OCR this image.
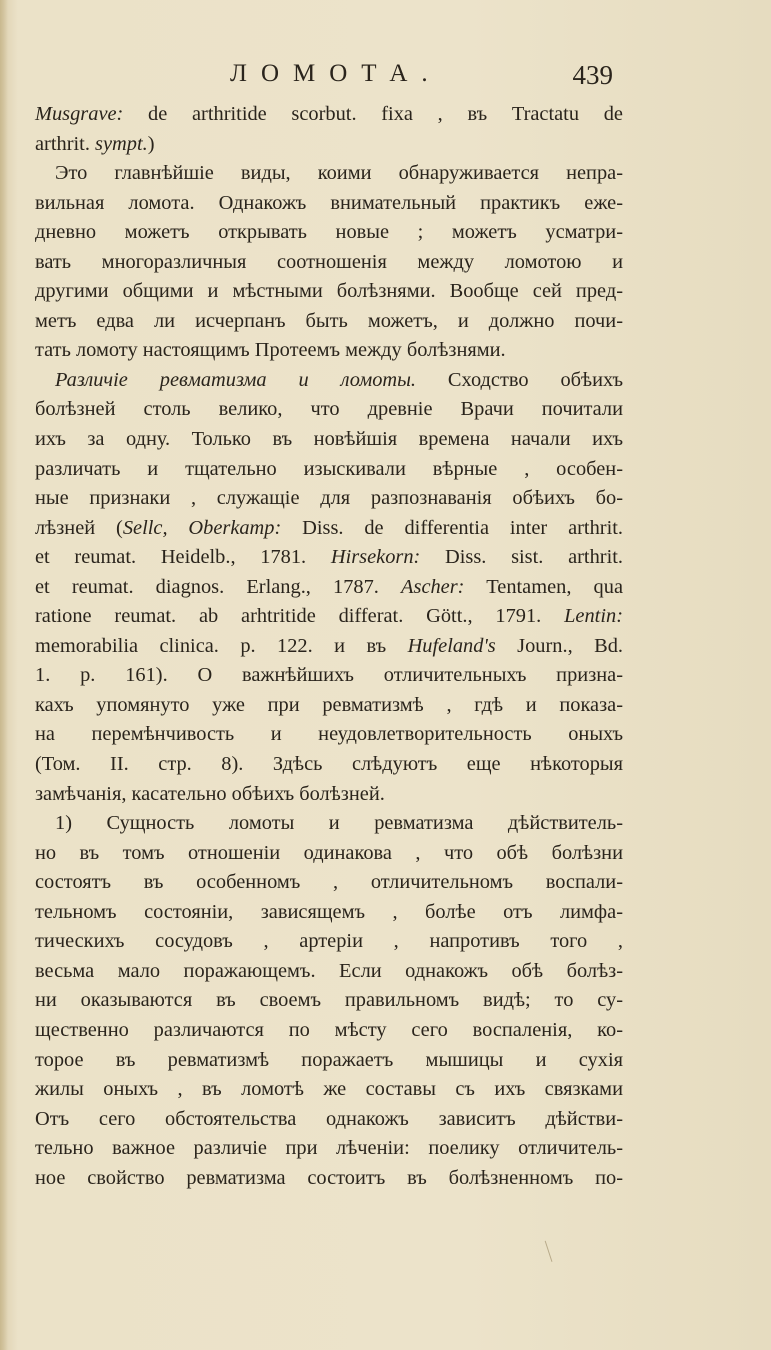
ЛОМОТА.	439
Musgrave: de arthritide scorbut. fixa , въ Tractatu de
arthrit. sympt.)
Это главнѣйшіе виды, коими обнаруживается непра-
вильная ломота. Однакожъ внимательный практикъ еже-
дневно можетъ открывать новые ; можетъ усматри-
вать многоразличныя соотношенія между ломотою и
другими общими и мѣстными болѣзнями. Вообще сей пред-
метъ едва ли исчерпанъ быть можетъ, и должно почи-
тать ломоту настоящимъ Протеемъ между болѣзнями.
Различіе ревматизма и ломоты. Сходство обѣихъ
болѣзней столь велико, что древніе Врачи почитали
ихъ за одну. Только въ новѣйшія времена начали ихъ
различать и тщательно изыскивали вѣрные , особен-
ные признаки , служащіе для разпознаванія обѣихъ бо-
лѣзней (Sellc, Oberkamp: Diss. de differentia inter arthrit.
et reumat. Heidelb., 1781. Hirsekorn: Diss. sist. arthrit.
et reumat. diagnos. Erlang., 1787. Ascher: Tentamen, qua
ratione reumat. ab arhtritide differat. Gött., 1791. Lentin:
memorabilia clinica. p. 122. и въ Hufeland's Journ., Bd.
1. p. 161). О важнѣйшихъ отличительныхъ призна-
кахъ упомянуто уже при ревматизмѣ , гдѣ и показа-
на перемѣнчивость и неудовлетворительность оныхъ
(Том. II. стр. 8). Здѣсь слѣдуютъ еще нѣкоторыя
замѣчанія, касательно обѣихъ болѣзней.
1) Сущность ломоты и ревматизма дѣйствитель-
но въ томъ отношеніи одинакова , что обѣ болѣзни
состоятъ въ особенномъ , отличительномъ воспали-
тельномъ состояніи, зависящемъ , болѣе отъ лимфа-
тическихъ сосудовъ , артеріи , напротивъ того ,
весьма мало поражающемъ. Если однакожъ обѣ болѣз-
ни оказываются въ своемъ правильномъ видѣ; то су-
щественно различаются по мѣсту сего воспаленія, ко-
торое въ ревматизмѣ поражаетъ мышицы и сухія
жилы оныхъ , въ ломотѣ же составы съ ихъ связками
Отъ сего обстоятельства однакожъ зависитъ дѣйстви-
тельно важное различіе при лѣченіи: поелику отличитель-
ное свойство ревматизма состоитъ въ болѣзненномъ по-
